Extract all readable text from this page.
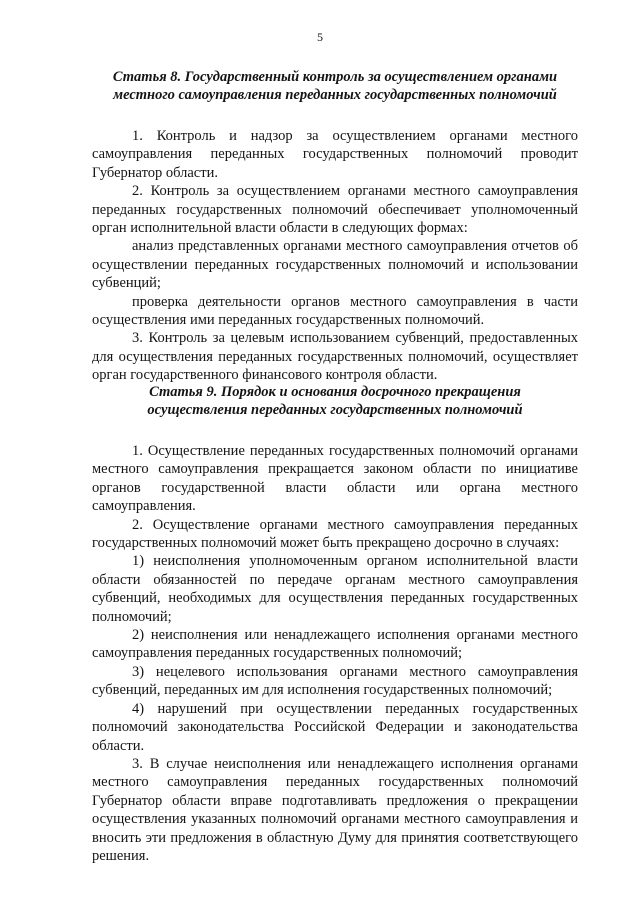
5
Статья 8. Государственный контроль за осуществлением органами
местного самоуправления переданных государственных полномочий

1. Контроль и надзор за осуществлением органами местного самоуправления переданных государственных полномочий проводит Губернатор области.

2. Контроль за осуществлением органами местного самоуправления переданных государственных полномочий обеспечивает уполномоченный орган исполнительной власти области в следующих формах:

анализ представленных органами местного самоуправления отчетов об осуществлении переданных государственных полномочий и использовании субвенций;

проверка деятельности органов местного самоуправления в части осуществления ими переданных государственных полномочий.

3. Контроль за целевым использованием субвенций, предоставленных для осуществления переданных государственных полномочий, осуществляет орган государственного финансового контроля области.

Статья 9. Порядок и основания досрочного прекращения
осуществления переданных государственных полномочий

1. Осуществление переданных государственных полномочий органами местного самоуправления прекращается законом области по инициативе органов государственной власти области или органа местного самоуправления.

2. Осуществление органами местного самоуправления переданных государственных полномочий может быть прекращено досрочно в случаях:

1) неисполнения уполномоченным органом исполнительной власти области обязанностей по передаче органам местного самоуправления субвенций, необходимых для осуществления переданных государственных полномочий;

2) неисполнения или ненадлежащего исполнения органами местного самоуправления переданных государственных полномочий;

3) нецелевого использования органами местного самоуправления субвенций, переданных им для исполнения государственных полномочий;

4) нарушений при осуществлении переданных государственных полномочий законодательства Российской Федерации и законодательства области.

3. В случае неисполнения или ненадлежащего исполнения органами местного самоуправления переданных государственных полномочий Губернатор области вправе подготавливать предложения о прекращении осуществления указанных полномочий органами местного самоуправления и вносить эти предложения в областную Думу для принятия соответствующего решения.
